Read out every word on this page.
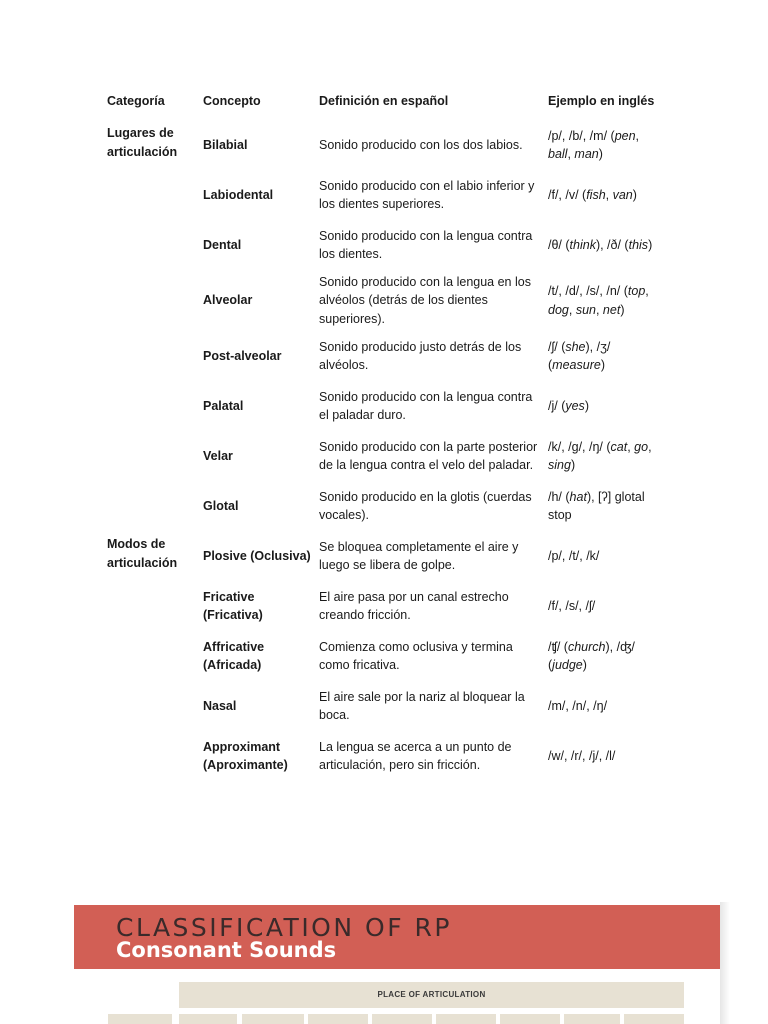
Categoría	Concepto	Definición en español	Ejemplo en inglés
Lugares de articulación	Bilabial	Sonido producido con los dos labios.	/p/, /b/, /m/ (pen, ball, man)
	Labiodental	Sonido producido con el labio inferior y los dientes superiores.	/f/, /v/ (fish, van)
	Dental	Sonido producido con la lengua contra los dientes.	/θ/ (think), /ð/ (this)
	Alveolar	Sonido producido con la lengua en los alvéolos (detrás de los dientes superiores).	/t/, /d/, /s/, /n/ (top, dog, sun, net)
	Post-alveolar	Sonido producido justo detrás de los alvéolos.	/ʃ/ (she), /ʒ/ (measure)
	Palatal	Sonido producido con la lengua contra el paladar duro.	/j/ (yes)
	Velar	Sonido producido con la parte posterior de la lengua contra el velo del paladar.	/k/, /g/, /ŋ/ (cat, go, sing)
	Glotal	Sonido producido en la glotis (cuerdas vocales).	/h/ (hat), [ʔ] glotal stop
Modos de articulación	Plosive (Oclusiva)	Se bloquea completamente el aire y luego se libera de golpe.	/p/, /t/, /k/
	Fricative (Fricativa)	El aire pasa por un canal estrecho creando fricción.	/f/, /s/, /ʃ/
	Affricative (Africada)	Comienza como oclusiva y termina como fricativa.	/ʧ/ (church), /ʤ/ (judge)
	Nasal	El aire sale por la nariz al bloquear la boca.	/m/, /n/, /ŋ/
	Approximant (Aproximante)	La lengua se acerca a un punto de articulación, pero sin fricción.	/w/, /r/, /j/, /l/
CLASSIFICATION OF RP
Consonant Sounds
PLACE OF ARTICULATION
